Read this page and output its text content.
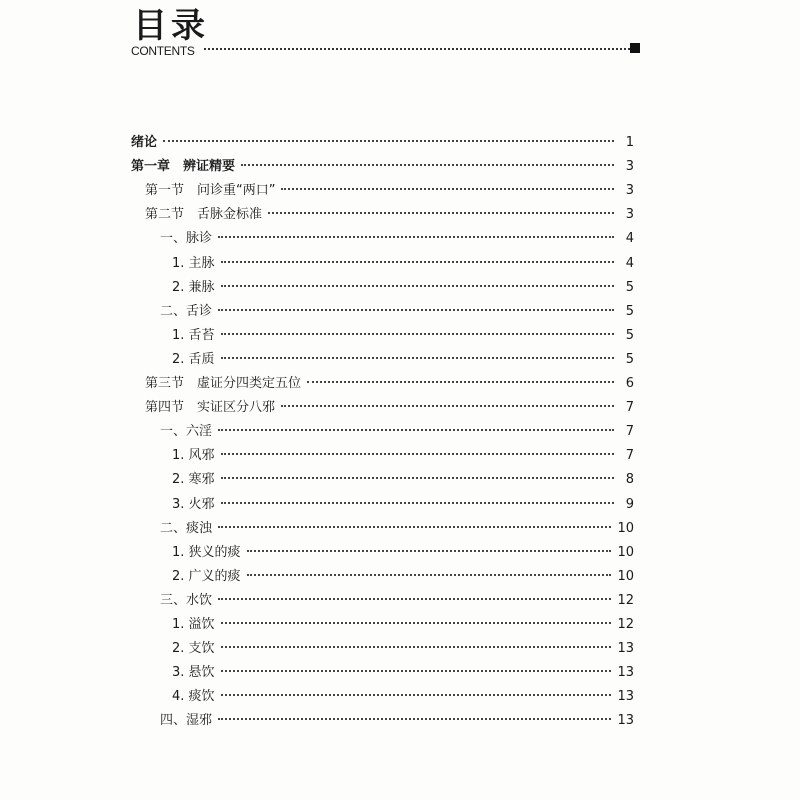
目录
CONTENTS
绪论	1
第一章　辨证精要	3
第一节　问诊重“两口”	3
第二节　舌脉金标准	3
一、脉诊	4
1. 主脉	4
2. 兼脉	5
二、舌诊	5
1. 舌苔	5
2. 舌质	5
第三节　虚证分四类定五位	6
第四节　实证区分八邪	7
一、六淫	7
1. 风邪	7
2. 寒邪	8
3. 火邪	9
二、痰浊	10
1. 狭义的痰	10
2. 广义的痰	10
三、水饮	12
1. 溢饮	12
2. 支饮	13
3. 悬饮	13
4. 痰饮	13
四、湿邪	13
